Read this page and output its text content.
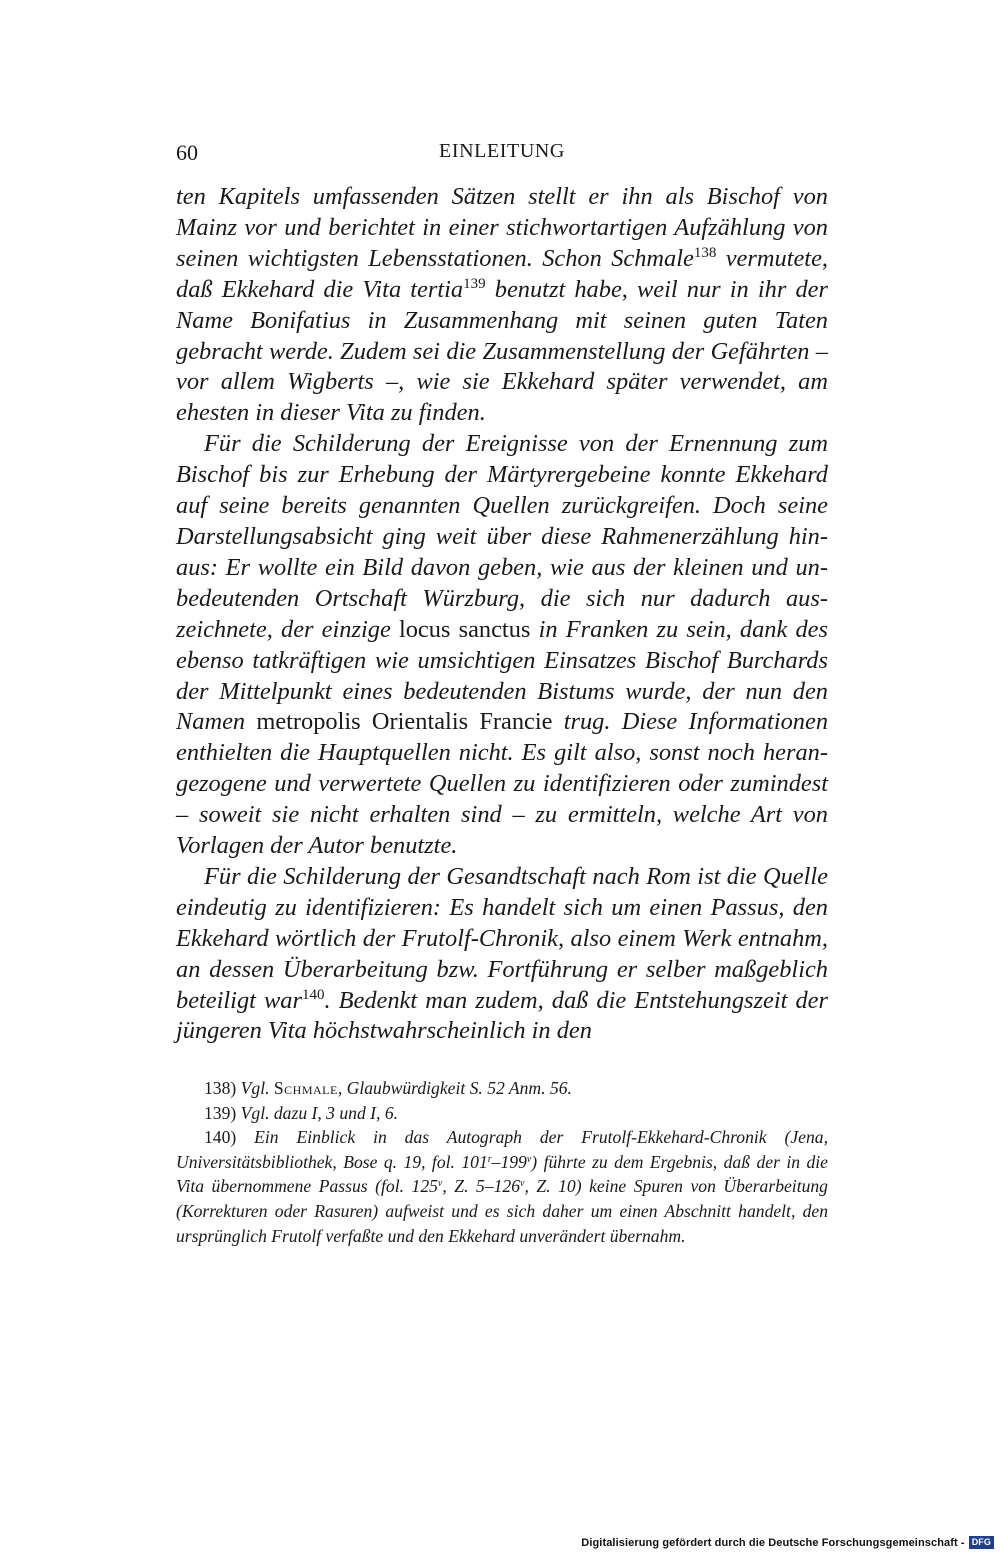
60	EINLEITUNG

ten Kapitels umfassenden Sätzen stellt er ihn als Bischof von Mainz vor und berichtet in einer stichwortartigen Aufzählung von seinen wichtigsten Lebensstationen. Schon Schmale$^{138}$ vermutete, daß Ekkehard die Vita tertia$^{139}$ benutzt habe, weil nur in ihr der Name Bonifatius in Zusammenhang mit seinen guten Taten gebracht werde. Zudem sei die Zusammenstellung der Gefährten – vor allem Wigberts –, wie sie Ekkehard später verwendet, am ehesten in dieser Vita zu finden.

Für die Schilderung der Ereignisse von der Ernennung zum Bischof bis zur Erhebung der Märtyrergebeine konnte Ekkehard auf seine bereits genannten Quellen zurückgreifen. Doch seine Darstellungsabsicht ging weit über diese Rahmenerzählung hinaus: Er wollte ein Bild davon geben, wie aus der kleinen und unbedeutenden Ortschaft Würzburg, die sich nur dadurch auszeichnete, der einzige locus sanctus in Franken zu sein, dank des ebenso tatkräftigen wie umsichtigen Einsatzes Bischof Burchards der Mittelpunkt eines bedeutenden Bistums wurde, der nun den Namen metropolis Orientalis Francie trug. Diese Informationen enthielten die Hauptquellen nicht. Es gilt also, sonst noch herangezogene und verwertete Quellen zu identifizieren oder zumindest – soweit sie nicht erhalten sind – zu ermitteln, welche Art von Vorlagen der Autor benutzte.

Für die Schilderung der Gesandtschaft nach Rom ist die Quelle eindeutig zu identifizieren: Es handelt sich um einen Passus, den Ekkehard wörtlich der Frutolf-Chronik, also einem Werk entnahm, an dessen Überarbeitung bzw. Fortführung er selber maßgeblich beteiligt war$^{140}$. Bedenkt man zudem, daß die Entstehungszeit der jüngeren Vita höchstwahrscheinlich in den

138) Vgl. Schmale, Glaubwürdigkeit S. 52 Anm. 56.

139) Vgl. dazu I, 3 und I, 6.

140) Ein Einblick in das Autograph der Frutolf-Ekkehard-Chronik (Jena, Universitätsbibliothek, Bose q. 19, fol. 101$^r$–199$^v$) führte zu dem Ergebnis, daß der in die Vita übernommene Passus (fol. 125$^v$, Z. 5–126$^v$, Z. 10) keine Spuren von Überarbeitung (Korrekturen oder Rasuren) aufweist und es sich daher um einen Abschnitt handelt, den ursprünglich Frutolf verfaßte und den Ekkehard unverändert übernahm.

Digitalisierung gefördert durch die Deutsche Forschungsgemeinschaft - DFG
